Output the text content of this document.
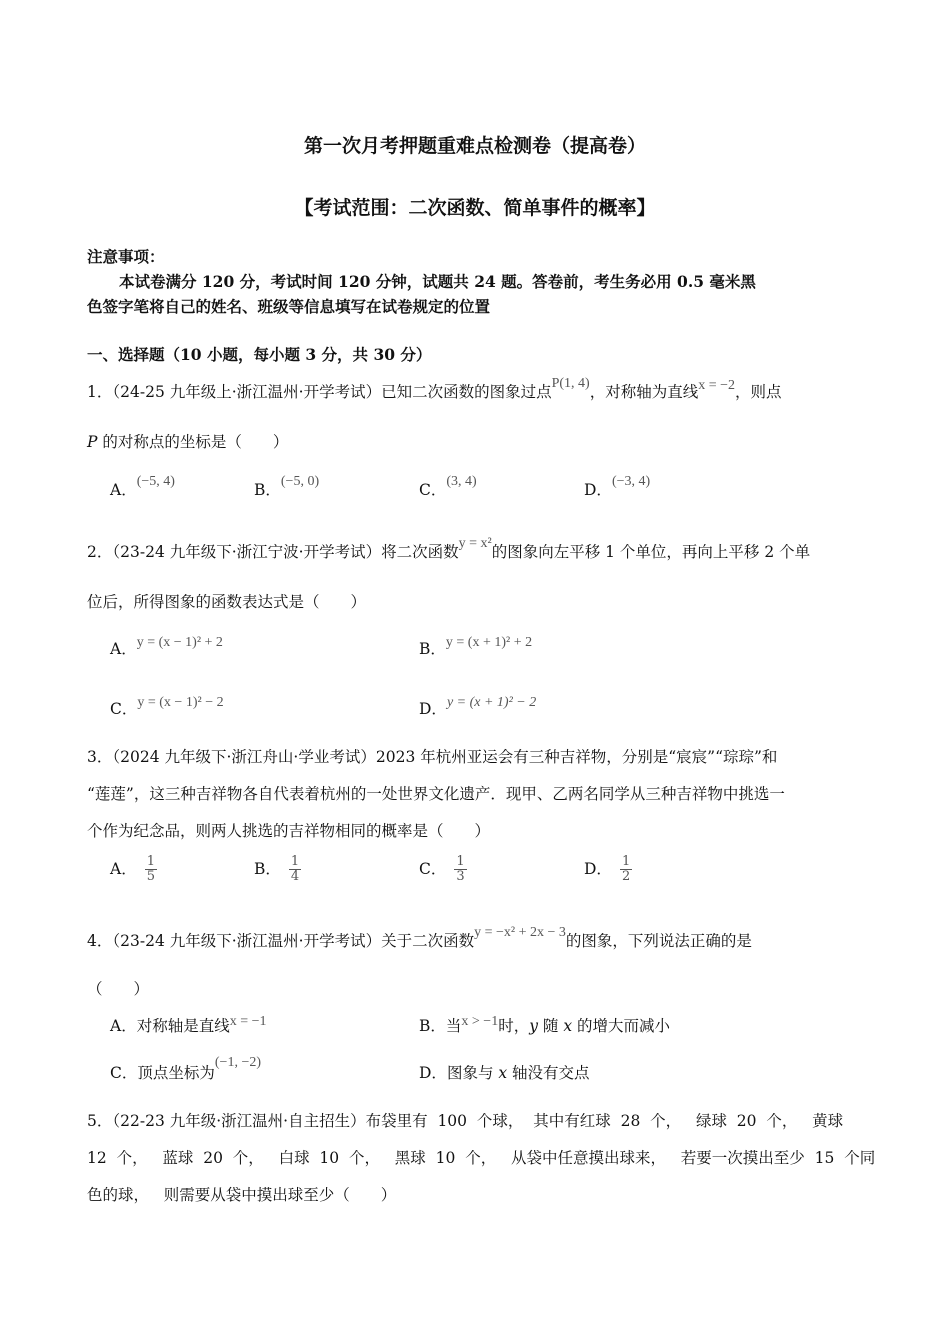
第一次月考押题重难点检测卷（提高卷）
【考试范围：二次函数、简单事件的概率】
注意事项：
本试卷满分 120 分，考试时间 120 分钟，试题共 24 题。答卷前，考生务必用 0.5 毫米黑
色签字笔将自己的姓名、班级等信息填写在试卷规定的位置
一、选择题（10 小题，每小题 3 分，共 30 分）
1．（24-25 九年级上·浙江温州·开学考试）已知二次函数的图象过点P(1, 4)，对称轴为直线x = −2，则点
P 的对称点的坐标是（　　）
A．(−5, 4)	B．(−5, 0)	C．(3, 4)	D．(−3, 4)
2．（23-24 九年级下·浙江宁波·开学考试）将二次函数y = x²的图象向左平移 1 个单位，再向上平移 2 个单
位后，所得图象的函数表达式是（　　）
A．y = (x − 1)² + 2	B．y = (x + 1)² + 2
C．y = (x − 1)² − 2	D．y = (x + 1)² − 2
3．（2024 九年级下·浙江舟山·学业考试）2023 年杭州亚运会有三种吉祥物，分别是“宸宸”“琮琮”和
“莲莲”，这三种吉祥物各自代表着杭州的一处世界文化遗产．现甲、乙两名同学从三种吉祥物中挑选一
个作为纪念品，则两人挑选的吉祥物相同的概率是（　　）
A． $\frac{1}{5}$	B． $\frac{1}{4}$	C． $\frac{1}{3}$	D． $\frac{1}{2}$
4．（23-24 九年级下·浙江温州·开学考试）关于二次函数y = −x² + 2x − 3的图象，下列说法正确的是
（　　）
A．对称轴是直线x = −1	B．当x > −1时，y 随 x 的增大而减小
C．顶点坐标为(−1, −2)
D．图象与 x 轴没有交点
5．（22-23 九年级·浙江温州·自主招生）布袋里有  100  个球，  其中有红球  28  个，   绿球  20  个，   黄球
12  个，   蓝球  20  个，   白球  10  个，   黑球  10  个，   从袋中任意摸出球来，   若要一次摸出至少  15  个同
色的球，   则需要从袋中摸出球至少（　　）
